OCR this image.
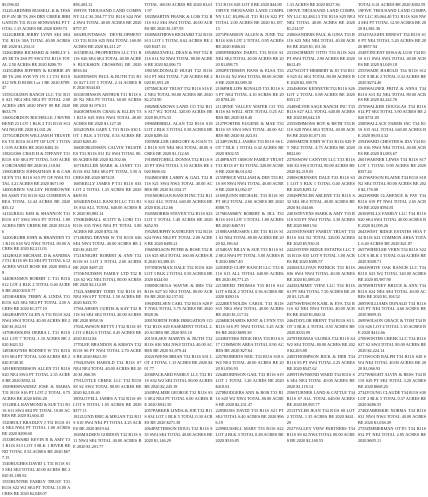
$5,096.02
1322GARDNER RUSSELL K & TESSIE P 4N 3R TS 2SS DRY CREEK IRRIGATION T31 R11S SENWANE4 PT TOTAL 1.35 ACRES BE 2020 $399.73
1322GREER JERRY LYNN SE4 SE4 T31 R11S 30A TOTAL 40.00 ACRES BE 2020 $1,294.11
1326GIBBS RICHARD & SHELLY L 4N 3R TS 2SS PT SW4 T31 R11S TOTAL 2.50 ACRES BE 2020 $286.70
1345GIBBS JEFFERY & KORRIE 4N 3R TS 2SS SVR VN 1N 1.1 T31 R11S S12 WILD ROSE Lot 1 BE 2020 $789.47
1355GOLDEN RANCH LLC T31 R11S S21 NE4 SE4 NE4 PT TOTAL 2.00 ACRES 2RN 2020 HWY 89 BE 2020 $633.79
1360GORDON ROCHELLE J RIVER BEND 23 LOT 1 BLK 3 T31 R11S S13 W4 NE4 BE 2020 $1,041.26
1375GORDON WILLIAM H TRUSTEES T31 R11S S14 PT OF LOT 1 TOTAL 0.95 ACRES BE 2020 $483.16
1382GOSS CHAD H & TIFFANY T31 R11S S10 SE4 PT TOTAL 5.00 ACRES ORCHARD BE 2020 $1,118.84
1390GREEN JOHNATHAN R & CAROLYN T31 R11S S15 PT OF NW4 TOTAL 3.21 ACRES BE 2020 $671.90
1400GREEN VALLEY HOMEOWNERS ASSN T31 R11S S22 COMMON AREA TOTAL 12.44 ACRES BE 2020 $35.12
1412GRIGG KIM & SHANNON T31 R11S S17 SW4 SW4 PT TOTAL 1.89 ACRES DRY CREEK BE 2020 $512.66
1420GRUBB JOHN & BRANDEN T31 R11S S18 W2 NW4 TOTAL 80.00 ACRES BE 2020 $2,211.03
1432HALE MICHAEL D & SANDRA J T31 R11S S9 E2 SE4 PT TOTAL 6.12 ACRES WILD ROSE BE 2020 $903.48
1440HANSEN ROBERT C T31 R11S S12 LOT 4 BLK 2 TOTAL 0.40 ACRES BE 2020 $318.77
1455HARRIS TERRY & LINDA T31 R11S S23 SE4 NE4 PT TOTAL 4.50 ACRES BE 2020 $1,377.10
1462HARVEY GLEN A T31 R11S S24 NW4 SW4 TOTAL 40.00 ACRES BE 2020 $1,012.91
1470HAWKINS DEBRA L T31 R11S S21 LOT 7 TOTAL 1.10 ACRES BE 2020 $421.52
1483HAYNES RODNEY W T31 R11S S19 SE4 PT TOTAL 3.00 ACRES BE 2020 $748.30
1491HENDERSON ALLEN T31 R11S S20 NE4 SW4 PT TOTAL 2.35 ACRES BE 2020 $592.14
1500HERNANDEZ JOSE & MARIA T31 R11S S16 PT LOT 2 TOTAL 0.75 ACRES BE 2020 $356.28
1512HILL RAYMOND & SUE T31 R11S S11 SW4 SE4 PT TOTAL 10.00 ACRES BE 2020 $1,604.45
1520HOLT BRADLEY J T31 R11S S14 NE4 NW4 PT TOTAL 1.00 ACRES BE 2020 $298.60
1533HOWARD KEVIN R & AMY T31 R11S S13 LOT 3 BLK 1 RIVER BEND TOTAL 0.52 ACRES BE 2020 $677.15
1540HUGHES DAVID L T31 R11S S15 SE4 SE4 TOTAL 40.00 ACRES BE 2020 $1,188.92
1555HUNTER FAMILY TRUST T31 R11S S22 W2 SE4 PT TOTAL 15.00 ACRES BE 2020 $2,048.07
$58,403.12
19FIVE THOUSAND LAND COMPANY LLC $1,504.77 T31 R11S S24 NW4 SW4 TOTAL 40.00 ACRES BE 2020 $757.07
1602HUNTSMAN DEVELOPMENT CO T31 R11S S25 NE4 TOTAL 160.00 ACRES BE 2020 $3,411.27
1615IDEAL PROPERTIES LLC T31 R11S S26 SE4 SE4 TOTAL 40.00 ACRES BUCKSKIN CROSSING BE 2020 $816.04
1620JENSEN PAUL & RUTH T31 R11S S27 LOT 5 TOTAL 2.14 ACRES BE 2020 $544.83
1633JOHNSON ARTHUR T31 R11S S28 N2 NE4 PT TOTAL 60.00 ACRES BE 2020 $1,976.51
1640JOHNSON CRAIG & ELLEN T31 R11S S29 SW4 NW4 TOTAL 40.00 ACRES BE 2020 $1,127.30
1652JONES GARY L T31 R11S S30 LOT 1 BLK 4 TOTAL 0.33 ACRES BE 2020 $265.49
1660JORGENSEN CALVIN TRUSTEES T31 R11S S31 E2 SW4 TOTAL 80.00 ACRES BE 2020 $2,502.66
1671KELLER MARK & JANET T31 R11S S32 NE4 SE4 PT TOTAL 5.50 ACRES BE 2020 $874.01
1685KELLY JAMES P T31 R11S S33 LOT 2 TOTAL 1.25 ACRES BE 2020 $409.93
1692KENDALL RANCH LLC T31 R11S S34 ALL TOTAL 640.00 ACRES BE 2020 $9,883.14
1700KIMBALL SCOTT & LORI T31 R11S S35 NW4 NE4 PT TOTAL 3.80 ACRES BE 2020 $702.56
1714KING DENNIS W T31 R11S S36 SE4 NW4 TOTAL 40.00 ACRES BE 2020 $1,043.87
1721KNIGHT ROBERT & ANN T32 R11S S1 LOT 3 TOTAL 2.00 ACRES BE 2020 $487.25
1735KNUDSEN FAMILY LTD T32 R11S S2 W2 NE4 TOTAL 80.00 ACRES BE 2020 $2,114.09
1742LAMBERT TODD T32 R11S S3 NE4 SW4 PT TOTAL 1.50 ACRES BE 2020 $433.70
1756LARSEN CURTIS & KAY T32 R11S S4 SE4 SE4 TOTAL 40.00 ACRES BE 2020 $958.16
1763LAWSON BETTY J T32 R11S S5 LOT 4 BLK 6 TOTAL 0.45 ACRES BE 2020 $312.84
1770LEE BRANDON & KRISTA T32 R11S S6 PT NW4 TOTAL 2.70 ACRES BE 2020 $621.39
1784LEWIS HAROLD T32 R11S S7 NE4 NE4 TOTAL 40.00 ACRES BE 2020 $1,066.58
1791LITTLE CREEK LLC T32 R11S S8 S2 SW4 TOTAL 80.00 ACRES BE 2020 $2,318.40
1805LOVELL JAMES A T32 R11S S9 LOT 6 TOTAL 1.05 ACRES BE 2020 $377.11
1812LUND ERIC & MEGAN T32 R11S S10 SW4 NE4 PT TOTAL 4.25 ACRES BE 2020 $819.64
1826MADSEN GORDON T32 R11S S11 NW4 SE4 TOTAL 40.00 ACRES BE 2020 $1,201.77
TOTAL 160.00 ACRES BE 2020 $3,611.97
1833MARTIN FRANK & LOIS T32 R11S S12 SE4 SW4 TOTAL 40.00 ACRES BE 2020 $1,187.95
1840MATHEWS RICHARD T32 R11S S13 LOT 1 TOTAL 0.62 ACRES BE 2020 $347.16
1854MAXWELL DEAN & PAT T32 R11S S14 N2 NW4 TOTAL 80.00 ACRES BE 2020 $2,006.73
1861MCDONALD HUGH T32 R11S S15 PT SE4 TOTAL 7.20 ACRES BE 2020 $1,091.28
1875MCKAY TRUST T32 R11S S16 E2 NE4 TOTAL 80.00 ACRES BE 2020 $2,274.90
1882MEADOWS LAND CO T32 R11S S17 W2 TOTAL 320.00 ACRES BE 2020 $5,876.33
1896MERRILL ALAN T32 R11S S18 LOT 2 BLK 3 TOTAL 0.38 ACRES BE 2020 $289.44
1903MILLER GREGORY & JOAN T32 R11S S19 NE4 SE4 TOTAL 40.00 ACRES BE 2020 $1,112.65
1910MITCHELL DONNA T32 R11S S20 PT SW4 TOTAL 3.10 ACRES BE 2020 $656.02
1924MOORE LARRY & GAIL T32 R11S S21 SW4 NW4 TOTAL 40.00 ACRES BE 2020 $1,034.17
1931MORGAN RANCH INC T32 R11S S22 ALL TOTAL 640.00 ACRES BE 2020 $10,212.66
1945MORRIS STEVEN T32 R11S S23 LOT 5 TOTAL 1.40 ACRES BE 2020 $452.93
1952MURPHY KATHLEEN T32 R11S S24 NW4 NE4 PT TOTAL 2.00 ACRES BE 2020 $498.21
1966NELSON PETER & ROSE T32 R11S S25 SE4 TOTAL 160.00 ACRES BE 2020 $3,388.45
1973NEWMAN DALE T32 R11S S26 LOT 3 BLK 2 TOTAL 0.50 ACRES BE 2020 $324.60
1980NICHOLS WAYNE & IRIS T32 R11S S27 S2 NE4 TOTAL 80.00 ACRES BE 2020 $2,157.82
1994NIELSEN CARL T32 R11S S28 PT NW4 TOTAL 5.75 ACRES BE 2020 $928.36
2001NORTH FORK IRRIGATION CO T32 R11S S29 EASEMENT TOTAL 2.20 ACRES BE 2020 $55.10
2015OLSEN MARVIN & RUTH T32 R11S S30 NE4 NW4 TOTAL 40.00 ACRES BE 2020 $1,079.44
2022OWENS BRIAN T32 R11S S31 LOT 4 TOTAL 1.15 ACRES BE 2020 $401.77
2036PACKARD FAMILY LLC T32 R11S S32 W2 SE4 TOTAL 80.00 ACRES BE 2020 $2,245.18
2043PALMER GEORGE T32 R11S S33 SE4 NE4 PT TOTAL 6.00 ACRES BE 2020 $941.50
2057PARKER LINDA & JOE T32 R11S S34 LOT 1 BLK 5 TOTAL 0.30 ACRES BE 2020 $271.38
2064PATTERSON DOUG T32 R11S S35 SW4 SE4 TOTAL 40.00 ACRES BE 2020 $1,146.29
T31 R11S S28 LOT 8 BE 2020 $44.80
19FIVE THOUSAND LAND COMPANY LLC $3,096.41 T31 R11S S22 PT TOTAL 2.00 ACRES BE 2020 $1,187.13
2071PEARSON ALLEN & JUNE T32 R11S S36 LOT 2 TOTAL 0.95 ACRES BE 2020 $366.02
2085PERKINS DARYL T33 R11S S1 NE4 SE4 TOTAL 40.00 ACRES BE 2020 $1,098.75
2092PETERSEN HANS & ELSA T33 R11S S2 N2 SW4 TOTAL 80.00 ACRES BE 2020 $2,089.30
2106PHILLIPS RONALD T33 R11S S3 PT NE4 TOTAL 4.10 ACRES BE 2020 $784.26
2113PINE VALLEY WATER CO T33 R11S S4 WELL SITE TOTAL 0.25 ACRES BE 2020 $18.40
2127PORTER EUGENE & MAE T33 R11S S5 SW4 SW4 TOTAL 40.00 ACRES BE 2020 $1,023.81
2134POWELL JAMES T33 R11S S6 LOT 7 BLK 1 TOTAL 0.42 ACRES BE 2020 $302.55
2148PRATT ORSON FAMILY TRUST T33 R11S S7 E2 TOTAL 320.00 ACRES BE 2020 $6,014.92
2155PRICE WILLIAM & DEE T33 R11S S8 NW4 NW4 TOTAL 40.00 ACRES BE 2020 $1,062.07
2169QUINN MICHAEL T33 R11S S9 PT SE4 TOTAL 2.60 ACRES BE 2020 $588.73
2176RAMSEY ROBERT & JILL T33 R11S S10 LOT 3 TOTAL 1.80 ACRES BE 2020 $467.91
2180RASMUSSEN LEE T33 R11S S11 S2 NE4 TOTAL 80.00 ACRES BE 2020 $2,196.64
2194RAY BILLY & SUE T33 R11S S12 SE4 NW4 PT TOTAL 5.00 ACRES BE 2020 $867.40
2201RED CLIFF RANCH LLC T33 R11S S13 ALL TOTAL 640.00 ACRES BE 2020 $9,771.25
2215REED THOMAS T33 R11S S14 LOT 6 BLK 2 TOTAL 0.36 ACRES BE 2020 $280.16
2222REYNOLDS CAROL T33 R11S S15 NE4 SW4 TOTAL 40.00 ACRES BE 2020 $1,117.52
2236RICHARDS KENT & LYNN T33 R11S S16 PT NW4 TOTAL 3.45 ACRES BE 2020 $699.38
2243RIVERS EDGE HOA T33 R11S S17 COMMON AREA TOTAL 8.90 ACRES BE 2020 $27.64
2257ROBERTS NEIL T33 R11S S18 SW4 NE4 TOTAL 40.00 ACRES BE 2020 $1,056.93
2264ROBINSON GAIL T33 R11S S19 LOT 1 TOTAL 1.20 ACRES BE 2020 $418.02
2278RODGERS ANN & BOB T33 R11S S20 W2 NW4 TOTAL 80.00 ACRES BE 2020 $2,231.47
2285ROSS DAVID T33 R11S S21 PT SE4 TOTAL 6.40 ACRES BE 2020 $966.19
2299RUSSELL MARY T33 R11S S22 LOT 4 BLK 3 TOTAL 0.48 ACRES BE 2020 $316.85
1.31 ACRES BE 2020 $527.36
19FIVE THOUSAND LAND COMPANY LLC $2,484.13 T31 R11S S25 NE4 NE4 TOTAL 40.00 ACRES BE 2020 $1,214.07
2306SANDERS PAUL & GINA T33 R11S S23 NE4 NE4 TOTAL 40.00 ACRES BE 2020 $1,101.36
2313SCHMIDT OTTO T33 R11S S24 PT SW4 TOTAL 2.90 ACRES BE 2020 $612.49
2327SCOTT HERBERT & JO T33 R11S S25 S2 SE4 TOTAL 80.00 ACRES BE 2020 $2,188.70
2334SHAW KENNETH T33 R11S S26 LOT 2 TOTAL 0.88 ACRES BE 2020 $351.27
2348SILVER SAGE RANCH INC T33 R11S S27 ALL TOTAL 640.00 ACRES BE 2020 $9,642.18
2355SIMMONS ROY & BETH T33 R11S S28 NW4 SE4 TOTAL 40.00 ACRES BE 2020 $1,071.83
2369SMITH JOHN W T33 R11S S29 PT NE4 TOTAL 4.75 ACRES BE 2020 $822.60
2376SNOW CANYON LLC T33 R11S S30 E2 SW4 TOTAL 80.00 ACRES BE 2020 $2,219.05
2380SORENSEN DALE T33 R11S S31 LOT 5 BLK 1 TOTAL 0.40 ACRES BE 2020 $295.12
2394SPENCER ARLENE T33 R11S S32 SE4 SE4 TOTAL 40.00 ACRES BE 2020 $1,044.66
2401STEVENS MARK & AMY T33 R11S S33 PT NW4 TOTAL 3.30 ACRES BE 2020 $681.94
2415STEWART FAMILY TRUST T33 R11S S34 N2 TOTAL 320.00 ACRES BE 2020 $5,930.41
2422STONE RIDGE ESTATES LLC T33 R11S S35 LOT 9 TOTAL 1.00 ACRES BE 2020 $388.57
2436SULLIVAN PATRICK T33 R11S S36 SW4 NW4 TOTAL 40.00 ACRES BE 2020 $1,089.20
2443SUMMIT VIEW LLC T34 R11S S1 PT SE4 TOTAL 7.50 ACRES BE 2020 $1,125.48
2457SWENSON KARL & EVA T34 R11S S2 NE4 NW4 TOTAL 40.00 ACRES BE 2020 $1,060.31
2464TAYLOR BRENT T34 R11S S3 LOT 3 BLK 4 TOTAL 0.55 ACRES BE 2020 $333.09
2478THOMAS GLORIA T34 R11S S4 W2 SE4 TOTAL 80.00 ACRES BE 2020 $2,203.88
2485THOMPSON RICK & DEB T34 R11S S5 PT SW4 TOTAL 2.25 ACRES BE 2020 $547.62
2499TOWNSEND WARD T34 R11S S6 SE4 NE4 TOTAL 40.00 ACRES BE 2020 $1,118.14
2506TURNER LAND & CATTLE T34 R11S S7 ALL TOTAL 640.00 ACRES BE 2020 $9,905.77
2513TYLER JEAN T34 R11S S8 LOT 2 TOTAL 1.35 ACRES BE 2020 $441.29
2527VALLEY VIEW PARTNERS T34 R11S S9 S2 NW4 TOTAL 80.00 ACRES BE 2020 $2,160.53
TOTAL 0.41 ACRES BE 2020 $302.59
19FIVE THOUSAND LAND COMPANY LLC $5,064.40 T31 R11S S26 NW4 SE4 PT TOTAL 12.50 ACRES BE 2020 $1,861.36
2534VAUGHN ERNEST T34 R11S S10 PT NE4 TOTAL 5.20 ACRES BE 2020 $857.94
2548VINCENT ROSA & LUIS T34 R11S S11 SW4 SW4 TOTAL 40.00 ACRES BE 2020 $1,049.18
2555WADE HAROLD T34 R11S S12 LOT 8 BLK 2 TOTAL 0.32 ACRES BE 2020 $274.40
2569WAGNER FRITZ & ANNA T34 R11S S13 E2 NE4 TOTAL 80.00 ACRES BE 2020 $2,242.76
2576WALKER DOUGLAS T34 R11S S14 PT SE4 TOTAL 3.90 ACRES BE 2020 $731.05
2580WALLACE FARMS INC T34 R11S S15 ALL TOTAL 640.00 ACRES BE 2020 $9,814.32
2594WARD CHESTER & IDA T34 R11S S16 NW4 NE4 TOTAL 40.00 ACRES BE 2020 $1,083.67
2601WARNER LEWIS T34 R11S S17 LOT 1 TOTAL 0.90 ACRES BE 2020 $357.44
2615WATSON ELAINE T34 R11S S18 N2 SE4 TOTAL 80.00 ACRES BE 2020 $2,176.08
2622WEBB CLARENCE & FAY T34 R11S S19 PT NW4 TOTAL 2.65 ACRES BE 2020 $594.81
2636WELLS FAMILY LLC T34 R11S S20 SE4 SW4 TOTAL 40.00 ACRES BE 2020 $1,095.26
2643WEST RIDGE ESTATES HOA T34 R11S S21 COMMON AREA TOTAL 6.40 ACRES BE 2020 $21.87
2657WHEELER VERN T34 R11S S22 LOT 6 BLK 3 TOTAL 0.44 ACRES BE 2020 $308.71
2664WHITE OAK RANCH LLC T34 R11S S23 W2 TOTAL 320.00 ACRES BE 2020 $5,987.90
2678WHITNEY BRUCE & ANN T34 R11S S24 NE4 SE4 TOTAL 40.00 ACRES BE 2020 $1,104.52
2685WILLIAMS DONALD T34 R11S S25 PT NE4 TOTAL 4.60 ACRES BE 2020 $809.33
2699WILSON GRACE & TOM T34 R11S S26 LOT 4 TOTAL 1.10 ACRES BE 2020 $412.66
2706WINTER CREEK LLC T34 R11S S27 S2 SW4 TOTAL 80.00 ACRES BE 2020 $2,224.14
2713WOOD RALPH T34 R11S S28 SW4 NE4 TOTAL 40.00 ACRES BE 2020 $1,066.93
2727WRIGHT ALVIN & BESS T34 R11S S29 PT SE4 TOTAL 3.20 ACRES BE 2020 $668.20
2734YOUNG CLAUDE T34 R11S S30 LOT 2 BLK 5 TOTAL 0.37 ACRES BE 2020 $286.55
2748ZABRISKIE NORMA T34 R11S S31 NW4 NW4 TOTAL 40.00 ACRES BE 2020 $1,038.49
2755ZIMMERMAN OTTO T34 R11S S32 PT NE4 TOTAL 2.85 ACRES BE 2020 $605.11
